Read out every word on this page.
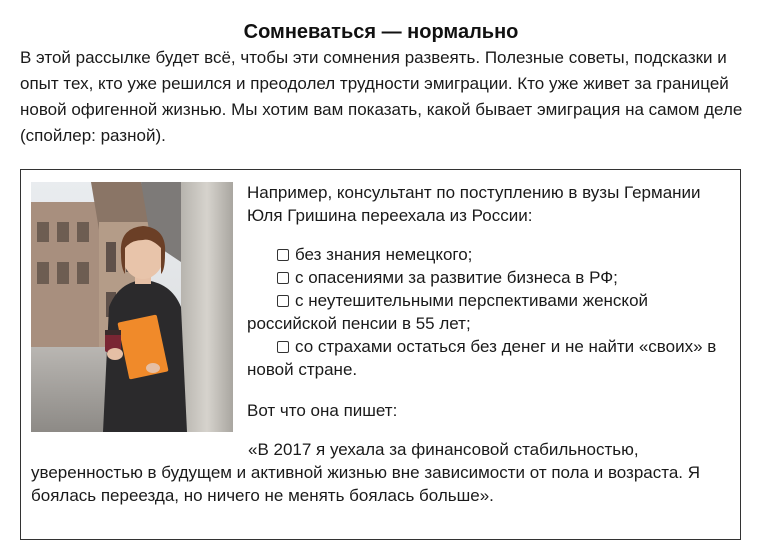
Сомневаться — нормально

В этой рассылке будет всё, чтобы эти сомнения развеять. Полезные советы, подсказки и опыт тех, кто уже решился и преодолел трудности эмиграции. Кто уже живет за границей новой офигенной жизнью. Мы хотим вам показать, какой бывает эмиграция на самом деле (спойлер: разной).

Например, консультант по поступлению в вузы Германии Юля Гришина переехала из России:

без знания немецкого;
с опасениями за развитие бизнеса в РФ;
с неутешительными перспективами женской российской пенсии в 55 лет;
со страхами остаться без денег и не найти «своих» в новой стране.

Вот что она пишет:

«В 2017 я уехала за финансовой стабильностью, уверенностью в будущем и активной жизнью вне зависимости от пола и возраста. Я боялась переезда, но ничего не менять боялась больше».
